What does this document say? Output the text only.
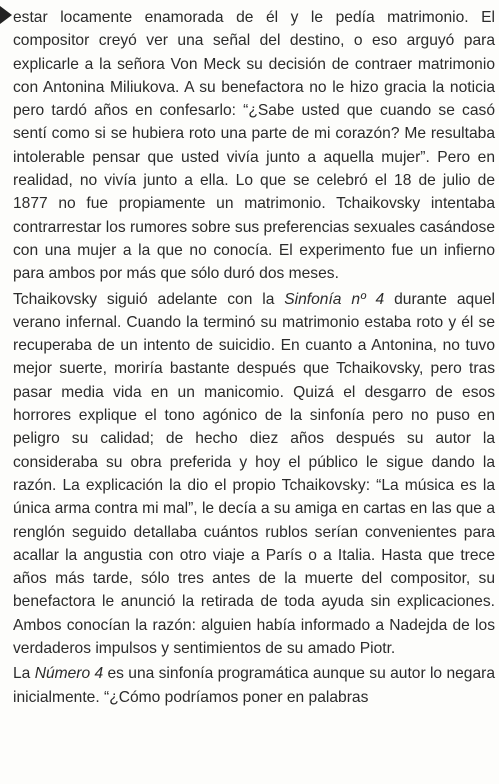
estar locamente enamorada de él y le pedía matrimonio. El compositor creyó ver una señal del destino, o eso arguyó para explicarle a la señora Von Meck su decisión de contraer matrimonio con Antonina Miliukova. A su benefactora no le hizo gracia la noticia pero tardó años en confesarlo: “¿Sabe usted que cuando se casó sentí como si se hubiera roto una parte de mi corazón? Me resultaba intolerable pensar que usted vivía junto a aquella mujer”. Pero en realidad, no vivía junto a ella. Lo que se celebró el 18 de julio de 1877 no fue propiamente un matrimonio. Tchaikovsky intentaba contrarrestar los rumores sobre sus preferencias sexuales casándose con una mujer a la que no conocía. El experimento fue un infierno para ambos por más que sólo duró dos meses.

Tchaikovsky siguió adelante con la Sinfonía nº 4 durante aquel verano infernal. Cuando la terminó su matrimonio estaba roto y él se recuperaba de un intento de suicidio. En cuanto a Antonina, no tuvo mejor suerte, moriría bastante después que Tchaikovsky, pero tras pasar media vida en un manicomio. Quizá el desgarro de esos horrores explique el tono agónico de la sinfonía pero no puso en peligro su calidad; de hecho diez años después su autor la consideraba su obra preferida y hoy el público le sigue dando la razón. La explicación la dio el propio Tchaikovsky: “La música es la única arma contra mi mal”, le decía a su amiga en cartas en las que a renglón seguido detallaba cuántos rublos serían convenientes para acallar la angustia con otro viaje a París o a Italia. Hasta que trece años más tarde, sólo tres antes de la muerte del compositor, su benefactora le anunció la retirada de toda ayuda sin explicaciones. Ambos conocían la razón: alguien había informado a Nadejda de los verdaderos impulsos y sentimientos de su amado Piotr.

La Número 4 es una sinfonía programática aunque su autor lo negara inicialmente. “¿Cómo podríamos poner en palabras
